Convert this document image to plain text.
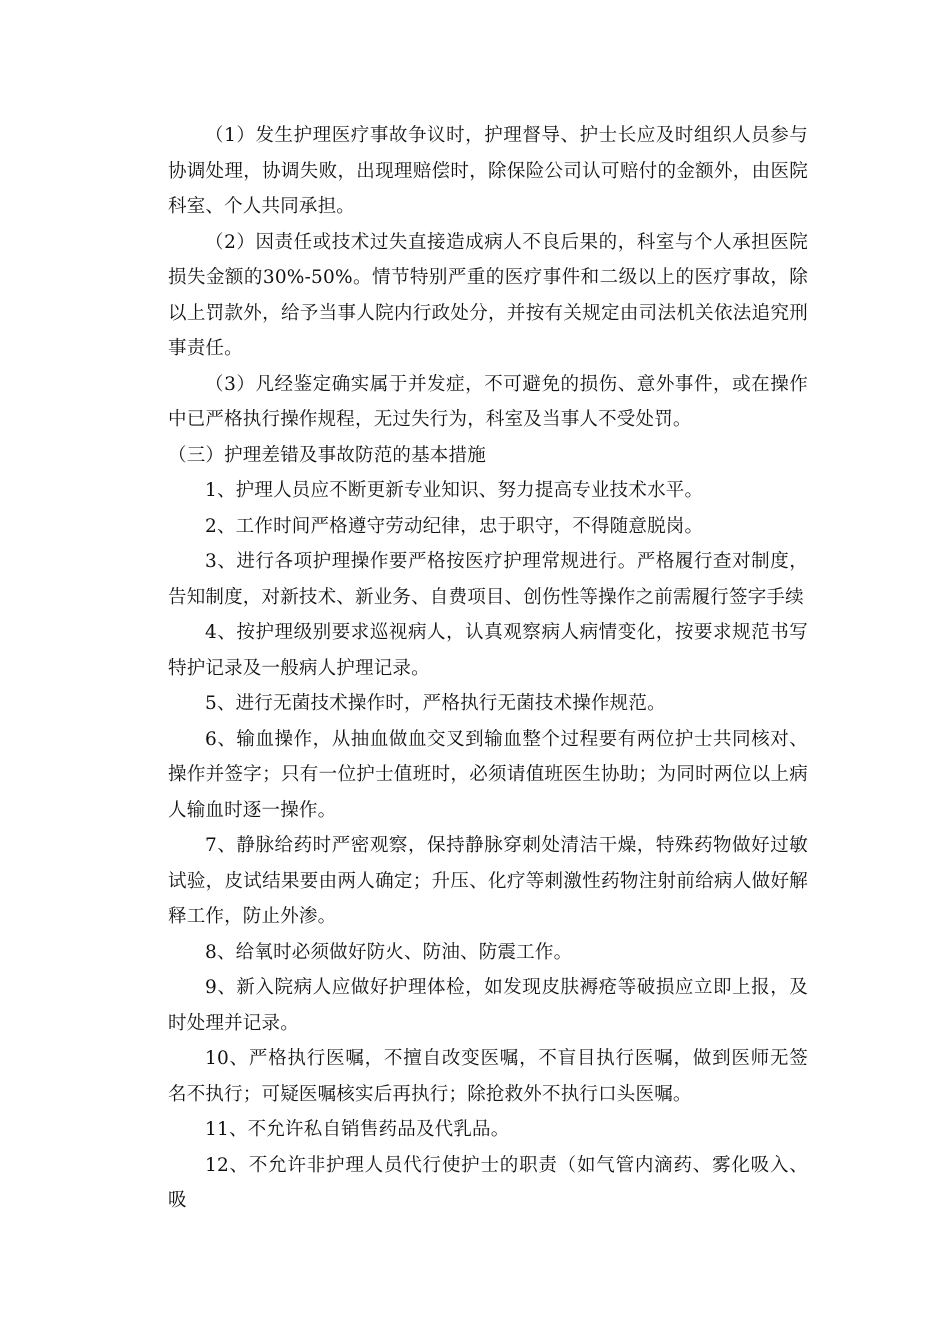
（1）发生护理医疗事故争议时，护理督导、护士长应及时组织人员参与协调处理，协调失败，出现理赔偿时，除保险公司认可赔付的金额外，由医院科室、个人共同承担。

（2）因责任或技术过失直接造成病人不良后果的，科室与个人承担医院损失金额的30%-50%。情节特别严重的医疗事件和二级以上的医疗事故，除以上罚款外，给予当事人院内行政处分，并按有关规定由司法机关依法追究刑事责任。

（3）凡经鉴定确实属于并发症，不可避免的损伤、意外事件，或在操作中已严格执行操作规程，无过失行为，科室及当事人不受处罚。

（三）护理差错及事故防范的基本措施

1、护理人员应不断更新专业知识、努力提高专业技术水平。

2、工作时间严格遵守劳动纪律，忠于职守，不得随意脱岗。

3、进行各项护理操作要严格按医疗护理常规进行。严格履行查对制度，告知制度，对新技术、新业务、自费项目、创伤性等操作之前需履行签字手续

4、按护理级别要求巡视病人，认真观察病人病情变化，按要求规范书写特护记录及一般病人护理记录。

5、进行无菌技术操作时，严格执行无菌技术操作规范。

6、输血操作，从抽血做血交叉到输血整个过程要有两位护士共同核对、操作并签字；只有一位护士值班时，必须请值班医生协助；为同时两位以上病人输血时逐一操作。

7、静脉给药时严密观察，保持静脉穿刺处清洁干燥，特殊药物做好过敏试验，皮试结果要由两人确定；升压、化疗等刺激性药物注射前给病人做好解释工作，防止外渗。

8、给氧时必须做好防火、防油、防震工作。

9、新入院病人应做好护理体检，如发现皮肤褥疮等破损应立即上报，及时处理并记录。

10、严格执行医嘱，不擅自改变医嘱，不盲目执行医嘱，做到医师无签名不执行；可疑医嘱核实后再执行；除抢救外不执行口头医嘱。

11、不允许私自销售药品及代乳品。

12、不允许非护理人员代行使护士的职责（如气管内滴药、雾化吸入、吸
